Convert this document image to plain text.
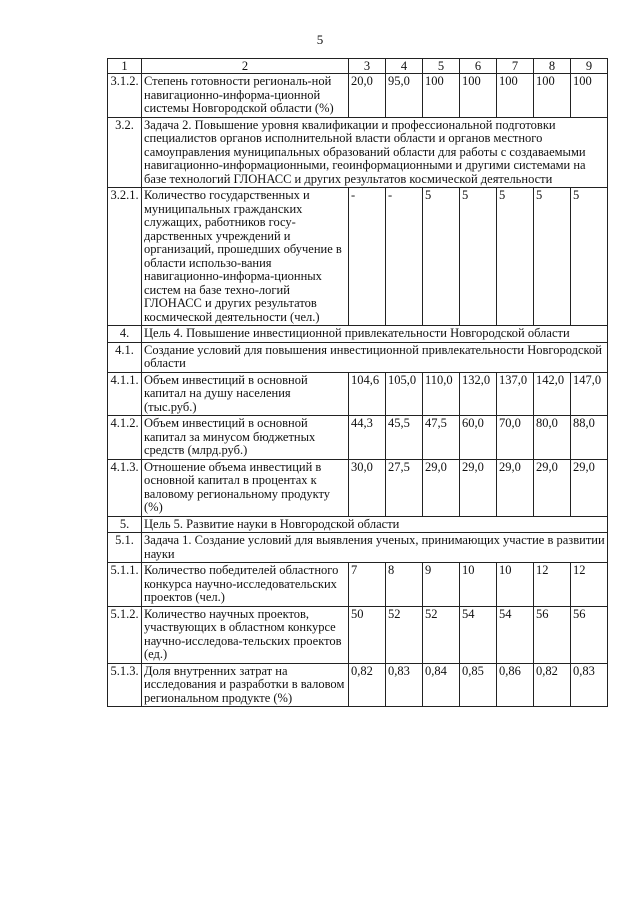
5
1	2	3	4	5	6	7	8	9
3.1.2.	Степень готовности региональ-ной навигационно-информа-ционной системы Новгородской области (%)	20,0	95,0	100	100	100	100	100
3.2.	Задача 2. Повышение уровня квалификации и профессиональной подготовки специалистов органов исполнительной власти области и органов местного самоуправления муниципальных образований области для работы с создаваемыми навигационно-информационными, геоинформационными и другими системами на базе технологий ГЛОНАСС и других результатов космической деятельности							
3.2.1.	Количество государственных и муниципальных гражданских служащих, работников госу-дарственных учреждений и организаций, прошедших обучение в области использо-вания навигационно-информа-ционных систем на базе техно-логий ГЛОНАСС и других результатов космической деятельности (чел.)	-	-	5	5	5	5	5
4.	Цель 4. Повышение инвестиционной привлекательности Новгородской области							
4.1.	Создание условий для повышения инвестиционной привлекательности Новгородской области							
4.1.1.	Объем инвестиций в основной капитал на душу населения (тыс.руб.)	104,6	105,0	110,0	132,0	137,0	142,0	147,0
4.1.2.	Объем инвестиций в основной капитал за минусом бюджетных средств (млрд.руб.)	44,3	45,5	47,5	60,0	70,0	80,0	88,0
4.1.3.	Отношение объема инвестиций в основной капитал в процентах к валовому региональному продукту (%)	30,0	27,5	29,0	29,0	29,0	29,0	29,0
5.	Цель 5. Развитие науки в Новгородской области							
5.1.	Задача 1. Создание условий для выявления ученых, принимающих участие в развитии науки							
5.1.1.	Количество победителей областного конкурса научно-исследовательских проектов (чел.)	7	8	9	10	10	12	12
5.1.2.	Количество научных проектов, участвующих в областном конкурсе научно-исследова-тельских проектов (ед.)	50	52	52	54	54	56	56
5.1.3.	Доля внутренних затрат на исследования и разработки в валовом региональном продукте (%)	0,82	0,83	0,84	0,85	0,86	0,82	0,83
